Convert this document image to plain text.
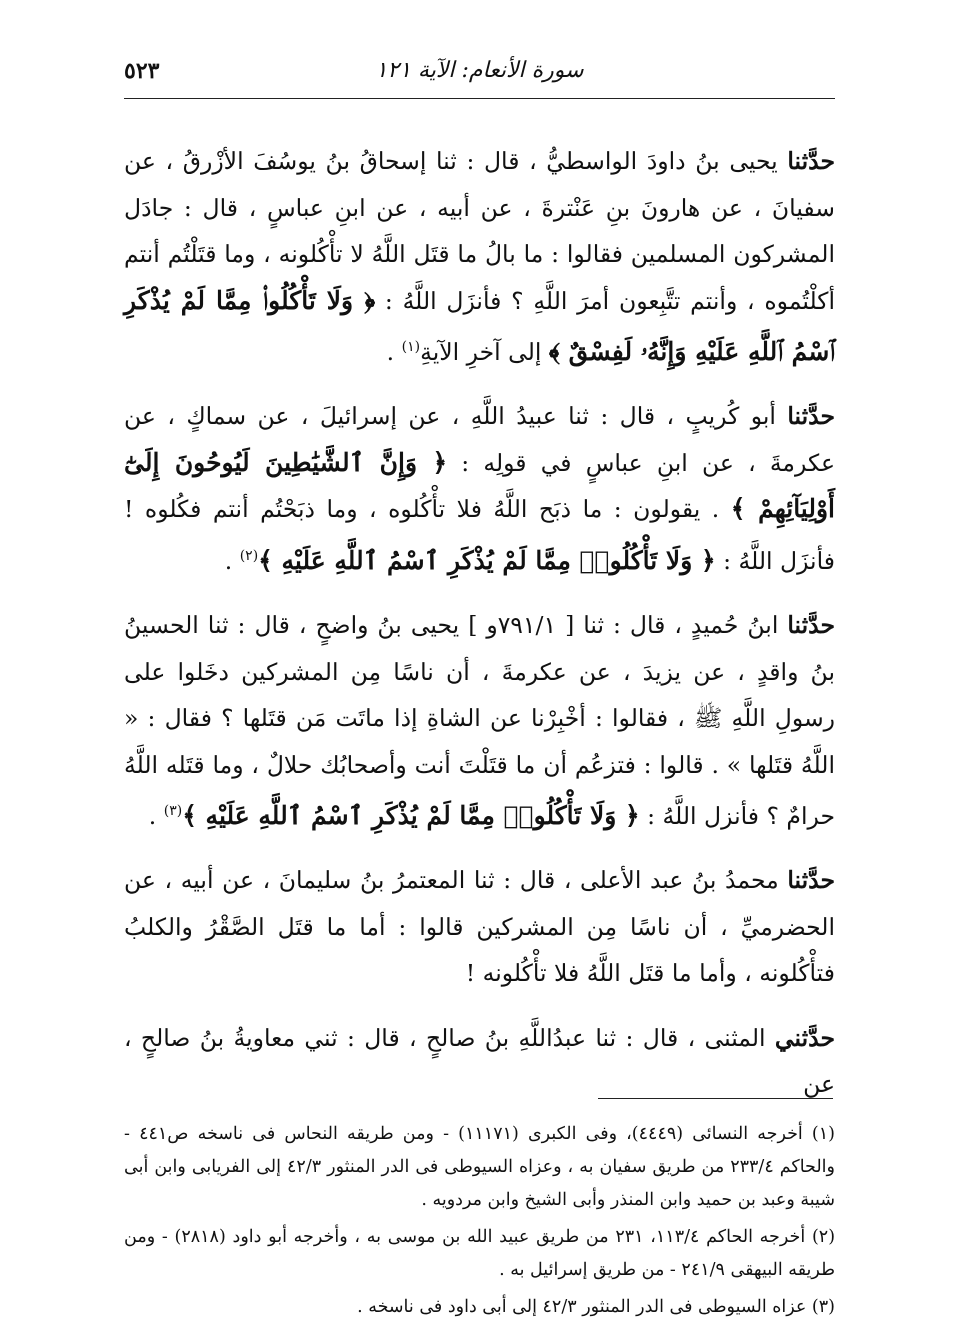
سورة الأنعام: الآية ١٢١
٥٢٣

حدَّثنا يحيى بنُ داودَ الواسطيُّ ، قال : ثنا إسحاقُ بنُ يوسُفَ الأزْرقُ ، عن سفيانَ ، عن هارونَ بنِ عَنْترةَ ، عن أبيه ، عن ابنِ عباسٍ ، قال : جادَل المشركون المسلمين فقالوا : ما بالُ ما قتَل اللَّهُ لا تأْكُلونه ، وما قتَلْتُم أنتم أكلْتُموه ، وأنتم تتَّبِعون أمرَ اللَّهِ ؟ فأنزَل اللَّهُ : ﴿ وَلَا تَأْكُلُوا۟ مِمَّا لَمْ يُذْكَرِ ٱسْمُ ٱللَّهِ عَلَيْهِ وَإِنَّهُۥ لَفِسْقٌ ﴾ إلى آخرِ الآيةِ$^{(١)}$ .

حدَّثنا أبو كُريبٍ ، قال : ثنا عبيدُ اللَّهِ ، عن إسرائيلَ ، عن سماكٍ ، عن عكرمةَ ، عن ابنِ عباسٍ في قولِه : ﴿ وَإِنَّ ٱلشَّيَٰطِينَ لَيُوحُونَ إِلَىٰٓ أَوْلِيَآئِهِمْ ﴾ . يقولون : ما ذبَح اللَّهُ فلا تأْكُلوه ، وما ذبَحْتُم أنتم فكُلوه ! فأنزَل اللَّهُ : ﴿ وَلَا تَأْكُلُوا۟ مِمَّا لَمْ يُذْكَرِ ٱسْمُ ٱللَّهِ عَلَيْهِ ﴾$^{(٢)}$ .

حدَّثنا ابنُ حُميدٍ ، قال : ثنا [ ٧٩١/١و ] يحيى بنُ واضحٍ ، قال : ثنا الحسينُ بنُ واقدٍ ، عن يزيدَ ، عن عكرمةَ ، أن ناسًا مِن المشركين دخَلوا على رسولِ اللَّهِ ﷺ ، فقالوا : أخْبِرْنا عن الشاةِ إذا ماتَت مَن قتَلها ؟ فقال : « اللَّهُ قتَلها » . قالوا : فتزعُم أن ما قتَلْتَ أنت وأصحابُك حلالٌ ، وما قتَله اللَّهُ حرامٌ ؟ فأنزل اللَّهُ : ﴿ وَلَا تَأْكُلُوا۟ مِمَّا لَمْ يُذْكَرِ ٱسْمُ ٱللَّهِ عَلَيْهِ ﴾$^{(٣)}$ .

حدَّثنا محمدُ بنُ عبد الأعلى ، قال : ثنا المعتمرُ بنُ سليمانَ ، عن أبيه ، عن الحضرميِّ ، أن ناسًا مِن المشركين قالوا : أما ما قتَل الصَّقْرُ والكلبُ فتأْكُلونه ، وأما ما قتَل اللَّهُ فلا تأْكُلونه !

حدَّثني المثنى ، قال : ثنا عبدُاللَّهِ بنُ صالحٍ ، قال : ثني معاويةُ بنُ صالحٍ ، عن

(١) أخرجه النسائى (٤٤٤٩)، وفى الكبرى (١١١٧١) - ومن طريقه النحاس فى ناسخه ص٤٤١ - والحاكم ٢٣٣/٤ من طريق سفيان به ، وعزاه السيوطى فى الدر المنثور ٤٢/٣ إلى الفريابى وابن أبى شيبة وعبد بن حميد وابن المنذر وأبى الشيخ وابن مردويه .

(٢) أخرجه الحاكم ١١٣/٤، ٢٣١ من طريق عبيد الله بن موسى به ، وأخرجه أبو داود (٢٨١٨) - ومن طريقه البيهقى ٢٤١/٩ - من طريق إسرائيل به .

(٣) عزاه السيوطى فى الدر المنثور ٤٢/٣ إلى أبى داود فى ناسخه .
